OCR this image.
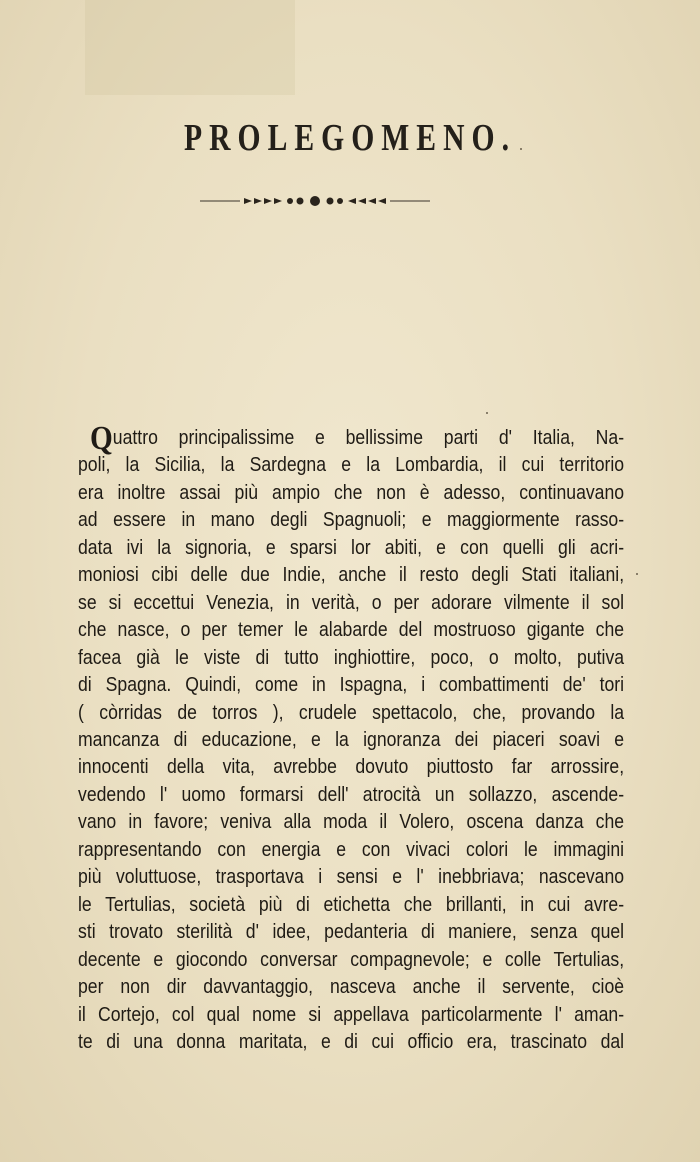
PROLEGOMENO.
Quattro principalissime e bellissime parti d' Italia, Na-
poli, la Sicilia, la Sardegna e la Lombardia, il cui territorio
era inoltre assai più ampio che non è adesso, continuavano
ad essere in mano degli Spagnuoli; e maggiormente rasso-
data ivi la signoria, e sparsi lor abiti, e con quelli gli acri-
moniosi cibi delle due Indie, anche il resto degli Stati italiani,
se si eccettui Venezia, in verità, o per adorare vilmente il sol
che nasce, o per temer le alabarde del mostruoso gigante che
facea già le viste di tutto inghiottire, poco, o molto, putiva
di Spagna. Quindi, come in Ispagna, i combattimenti de' tori
( còrridas de torros ), crudele spettacolo, che, provando la
mancanza di educazione, e la ignoranza dei piaceri soavi e
innocenti della vita, avrebbe dovuto piuttosto far arrossire,
vedendo l' uomo formarsi dell' atrocità un sollazzo, ascende-
vano in favore; veniva alla moda il Volero, oscena danza che
rappresentando con energia e con vivaci colori le immagini
più voluttuose, trasportava i sensi e l' inebbriava; nascevano
le Tertulias, società più di etichetta che brillanti, in cui avre-
sti trovato sterilità d' idee, pedanteria di maniere, senza quel
decente e giocondo conversar compagnevole; e colle Tertulias,
per non dir davvantaggio, nasceva anche il servente, cioè
il Cortejo, col qual nome si appellava particolarmente l' aman-
te di una donna maritata, e di cui officio era, trascinato dal
